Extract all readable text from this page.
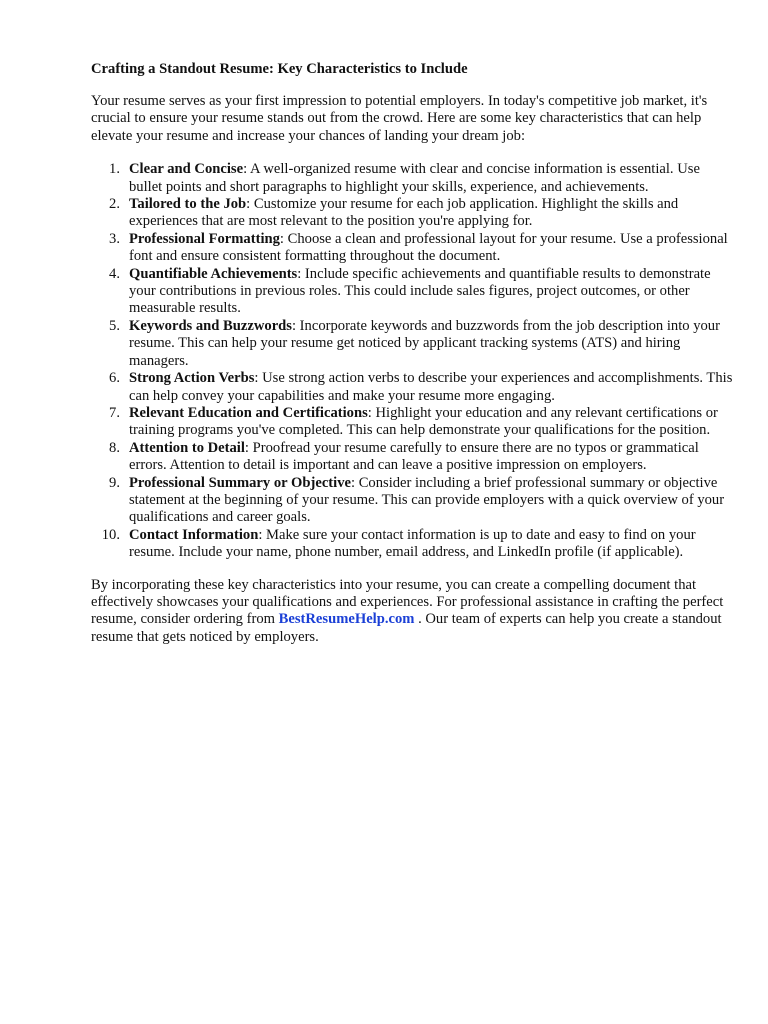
Crafting a Standout Resume: Key Characteristics to Include

Your resume serves as your first impression to potential employers. In today's competitive job market, it's crucial to ensure your resume stands out from the crowd. Here are some key characteristics that can help elevate your resume and increase your chances of landing your dream job:

1. Clear and Concise: A well-organized resume with clear and concise information is essential. Use bullet points and short paragraphs to highlight your skills, experience, and achievements.
2. Tailored to the Job: Customize your resume for each job application. Highlight the skills and experiences that are most relevant to the position you're applying for.
3. Professional Formatting: Choose a clean and professional layout for your resume. Use a professional font and ensure consistent formatting throughout the document.
4. Quantifiable Achievements: Include specific achievements and quantifiable results to demonstrate your contributions in previous roles. This could include sales figures, project outcomes, or other measurable results.
5. Keywords and Buzzwords: Incorporate keywords and buzzwords from the job description into your resume. This can help your resume get noticed by applicant tracking systems (ATS) and hiring managers.
6. Strong Action Verbs: Use strong action verbs to describe your experiences and accomplishments. This can help convey your capabilities and make your resume more engaging.
7. Relevant Education and Certifications: Highlight your education and any relevant certifications or training programs you've completed. This can help demonstrate your qualifications for the position.
8. Attention to Detail: Proofread your resume carefully to ensure there are no typos or grammatical errors. Attention to detail is important and can leave a positive impression on employers.
9. Professional Summary or Objective: Consider including a brief professional summary or objective statement at the beginning of your resume. This can provide employers with a quick overview of your qualifications and career goals.
10. Contact Information: Make sure your contact information is up to date and easy to find on your resume. Include your name, phone number, email address, and LinkedIn profile (if applicable).

By incorporating these key characteristics into your resume, you can create a compelling document that effectively showcases your qualifications and experiences. For professional assistance in crafting the perfect resume, consider ordering from BestResumeHelp.com . Our team of experts can help you create a standout resume that gets noticed by employers.
